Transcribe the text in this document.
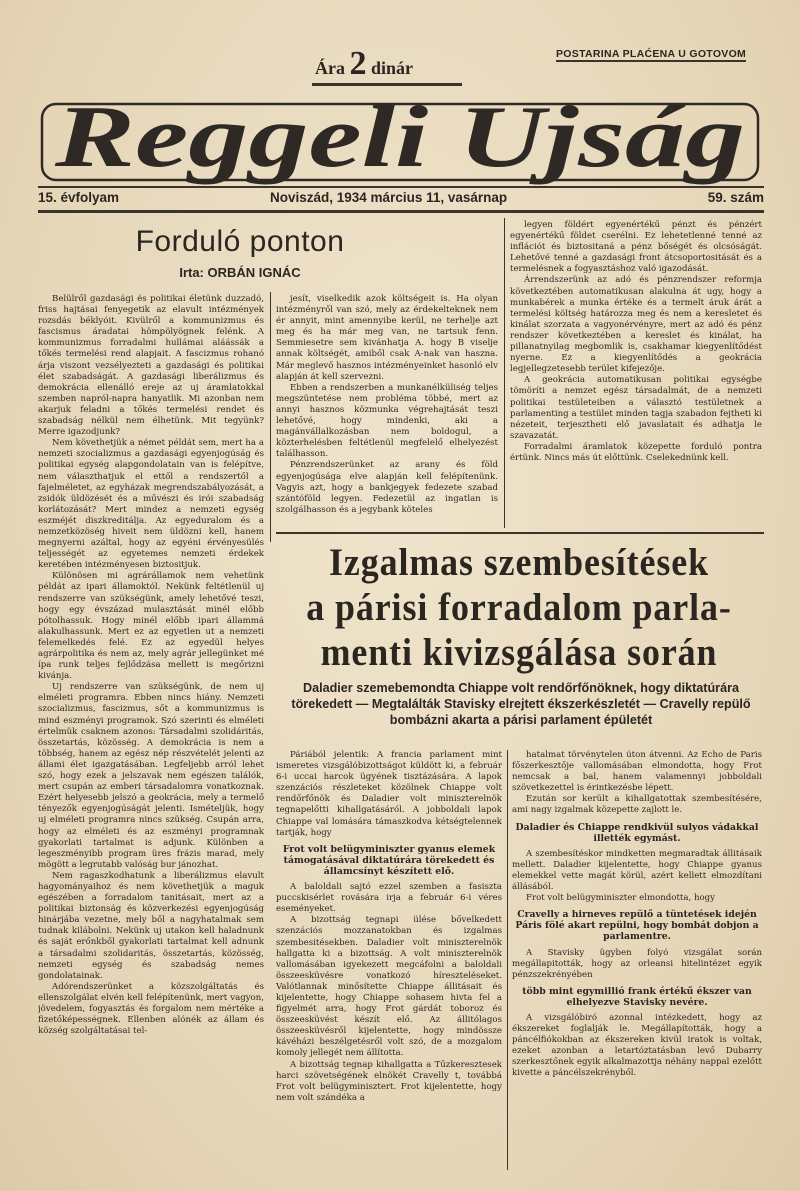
Ára 2 dinár
POSTARINA PLAĆENA U GOTOVOM
Reggeli Ujság
15. évfolyam	Noviszád, 1934 március 11, vasárnap	59. szám
Forduló ponton
Irta: ORBÁN IGNÁC

Belülről gazdasági és politikai életünk duzzadó, friss hajtásai fenyegetik az elavult intézmények rozsdás béklyóit. Kivülről a kommunizmus és fascismus áradatai hömpölyögnek felénk. A kommunizmus forradalmi hullámai aláássák a tőkés termelési rend alapjait. A fascizmus rohanó árja viszont vezsélyezteti a gazdasági és politikai élet szabadságát. A gazdasági liberálizmus és demokrácia ellenálló ereje az uj áramlatokkal szemben napról-napra hanyatlik. Mi azonban nem akarjuk feladni a tőkés termelési rendet és szabadság nélkül nem élhetünk. Mit tegyünk? Merre igazodjunk?

Nem követhetjük a német példát sem, mert ha a nemzeti szocializmus a gazdasági egyenjogúság és politikai egység alapgondolatain van is felépítve, nem választhatjuk el ettől a rendszertől a fajelméletet, az egyházak megrendszabályozását, a zsidók üldözését és a művészi és irói szabadság korlátozását? Mert mindez a nemzeti egység eszméjét diszkreditálja. Az egyeduralom és a nemzetközöség hiveit nem üldözni kell, hanem megnyerni azáltal, hogy az egyéni érvényesülés teljességét az egyetemes nemzeti érdekek keretében intézményesen biztositjuk.

Különösen mi agrárállamok nem vehetünk példát az ipari államoktól. Nekünk feltétlenül uj rendszerre van szükségünk, amely lehetővé teszi, hogy egy évszázad mulasztását minél előbb pótolhassuk. Hogy minél előbb ipari állammá alakulhassunk. Mert ez az egyetlen ut a nemzeti felemelkedés felé. Ez az egyedül helyes agrárpolitika és nem az, mely agrár jellegünket mé ípa runk teljes fejlődzása mellett is megőrizni kivánja.

Uj rendszerre van szükségünk, de nem uj elméleti programra. Ebben nincs hiány. Nemzeti szocializmus, fascizmus, sőt a kommunizmus is mind eszményi programok. Szó szerinti és elméleti értelmük csaknem azonos: Társadalmi szolidáritás, összetartás, közösség. A demokrácia is nem a többség, hanem az egész nép részvételét jelenti az állami élet igazgatásában. Legfeljebb arról lehet szó, hogy ezek a jelszavak nem egészen találók, mert csupán az emberi társadalomra vonatkoznak. Ezért helyesebb jelszó a geokrácia, mely a termelő tényezők egyenjogúságát jelenti. Ismételjük, hogy uj elméleti programra nincs szükség. Csupán arra, hogy az elméleti és az eszményi programnak gyakorlati tartalmat is adjunk. Különben a legeszményibb program üres frázis marad, mely mögött a legrutabb valóság bur jánozhat.

Nem ragaszkodhatunk a liberálizmus elavult hagyományaihoz és nem követhetjük a maguk egészében a forradalom tanitásait, mert az a politikai biztonság és közverkezési egyenjogúság hinárjába vezetne, mely ből a nagyhatalmak sem tudnak kilábolni. Nekünk uj utakon kell haladnunk és saját erőnkből gyakorlati tartalmat kell adnunk a társadalmi szolidaritás, összetartás, közösség, nemzeti egység és szabadság nemes gondolatainak.

Adórendszerünket a közszolgáltatás és ellenszolgálat elvén kell felépítenünk, mert vagyon, jövedelem, fogyasztás és forgalom nem mértéke a fizetőképességnek. Ellenben alónék az állam és község szolgáltatásai tel-

jesít, viselkedik azok költségeit is. Ha olyan intézményről van szó, mely az érdekelteknek nem ér annyit, mint amennyibe kerül, ne terhelje azt meg és ha már meg van, ne tartsuk fenn. Semmiesetre sem kivánhatja A. hogy B viselje annak költségét, amiből csak A-nak van haszna. Már meglevő hasznos intézményeinket hasonló elv alapján át kell szervezni.

Ebben a rendszerben a munkanélküliség teljes megszüntetése nem probléma többé, mert az annyi hasznos közmunka végrehajtását teszi lehetővé, hogy mindenki, aki a magánvállalkozásban nem boldogul, a közterhelésben feltétlenül megfelelő elhelyezést találhasson.

Pénzrendszerünket az arany és föld egyenjogúsága elve alapján kell felépítenünk. Vagyis azt, hogy a bankjegyek fedezete szabad szántóföld legyen. Fedezetül az ingatlan is szolgálhasson és a jegybank köteles

legyen földért egyenértékű pénzt és pénzért egyenértékű földet cserélni. Ez lehetetlenné tenné az inflációt és biztositaná a pénz bőségét és olcsóságát. Lehetővé tenné a gazdasági front átcsoportositását és a termelésnek a fogyasztáshoz való igazodását.

Árrendszerünk az adó és pénzrendszer reformja következtében automatikusan alakulna át ugy, hogy a munkabérek a munka értéke és a termelt áruk árát a termelési költség határozza meg és nem a keresletet és kinálat szorzata a vagyonérvényre, mert az adó és pénz rendszer következtében a kereslet és kinálat, ha pillanatnyilag megbomlik is, csakhamar kiegyenlítődést nyerne. Ez a kiegyenlítődés a geokrácia legjellegzetesebb terület kifejezője.

A geokrácia automatikusan politikai egységbe tömöríti a nemzet egész társadalmát, de a nemzeti politikai testületeiben a választó testületnek a parlamenting a testület minden tagja szabadon fejtheti ki nézeteit, terjesztheti elő javaslatait és adhatja le szavazatát.

Forradalmi áramlatok közepette forduló pontra értünk. Nincs más út előttünk. Cselekednünk kell.

Izgalmas szembesítések
a párisi forradalom parla-
menti kivizsgálása során
Daladier szemebemondta Chiappe volt rendőrfőnöknek, hogy diktatúrára törekedett — Megtalálták Stavisky elrejtett ékszerkészletét — Cravelly repülő bombázni akarta a párisi parlament épületét

Páriából jelentik: A francia parlament mint ismeretes vizsgálóbizottságot küldött ki, a február 6-i uccai harcok ügyének tisztázására. A lapok szenzációs részleteket közölnek Chiappe volt rendőrfőnök és Daladier volt miniszterelnök tegnapelőtti kihallgatásáról. A jobboldali lapok Chiappe val lomására támaszkodva kétségtelennek tartják, hogy

Frot volt belügyminiszter gyanus elemek támogatásával diktatúrára törekedett és államcsínyt készített elő.

A baloldali sajtó ezzel szemben a fasiszta puccskisérlet rovására irja a február 6-i véres eseményeket.

A bizottság tegnapi ülése bővelkedett szenzációs mozzanatokban és izgalmas szembesitésekben. Daladier volt miniszterelnök hallgatta ki a bizottság. A volt miniszterelnök vallomásában igyekezett megcáfolni a baloldali összeesküvésre vonatkozó híreszteléseket. Valótlannak minősítette Chiappe állitásait és kijelentette, hogy Chiappe sohasem hivta fel a figyelmét arra, hogy Frot gárdát toboroz és összeesküvést készít elő. Az állitólagos összeesküvésről kijelentette, hogy mindössze kávéházi beszélgetésről volt szó, de a mozgalom komoly jellegét nem állította.

A bizottság tegnap kihallgatta a Tűzkeresztesek harci szövetségének elnökét Cravelly t, továbbá Frot volt belügyminisztert. Frot kijelentette, hogy nem volt szándéka a

hatalmat törvénytelen úton átvenni. Az Echo de Paris főszerkesztője vallomásában elmondotta, hogy Frot nemcsak a bal, hanem valamennyi jobboldali szövetkezettel is érintkezésbe lépett.

Ezután sor került a kihallgatottak szembesítésére, ami nagy izgalmak közepette zajlott le.

Daladier és Chiappe rendkivül sulyos vádakkal illették egymást.

A szembesítéskor mindketten megmaradtak állitásaik mellett. Daladier kijelentette, hogy Chiappe gyanus elemekkel vette magát körül, azért kellett elmozdítani állásából.

Frot volt belügyminiszter elmondotta, hogy

Cravelly a hirneves repülő a tüntetések idején Páris fölé akart repülni, hogy bombát dobjon a parlamentre.

A Stavisky ügyben folyó vizsgálat során megállapitották, hogy az orleansi hitelintézet egyik pénzszekrényében

több mint egymillió frank értékű ékszer van elhelyezve Stavisky nevére.

A vizsgálóbiró azonnal intézkedett, hogy az ékszereket foglalják le. Megállapították, hogy a páncélfiókokban az ékszereken kivül iratok is voltak, ezeket azonban a letartóztatásban levő Dubarry szerkesztőnek egyik alkalmazottja néhány nappal ezelőtt kivette a páncélszekrényből.
